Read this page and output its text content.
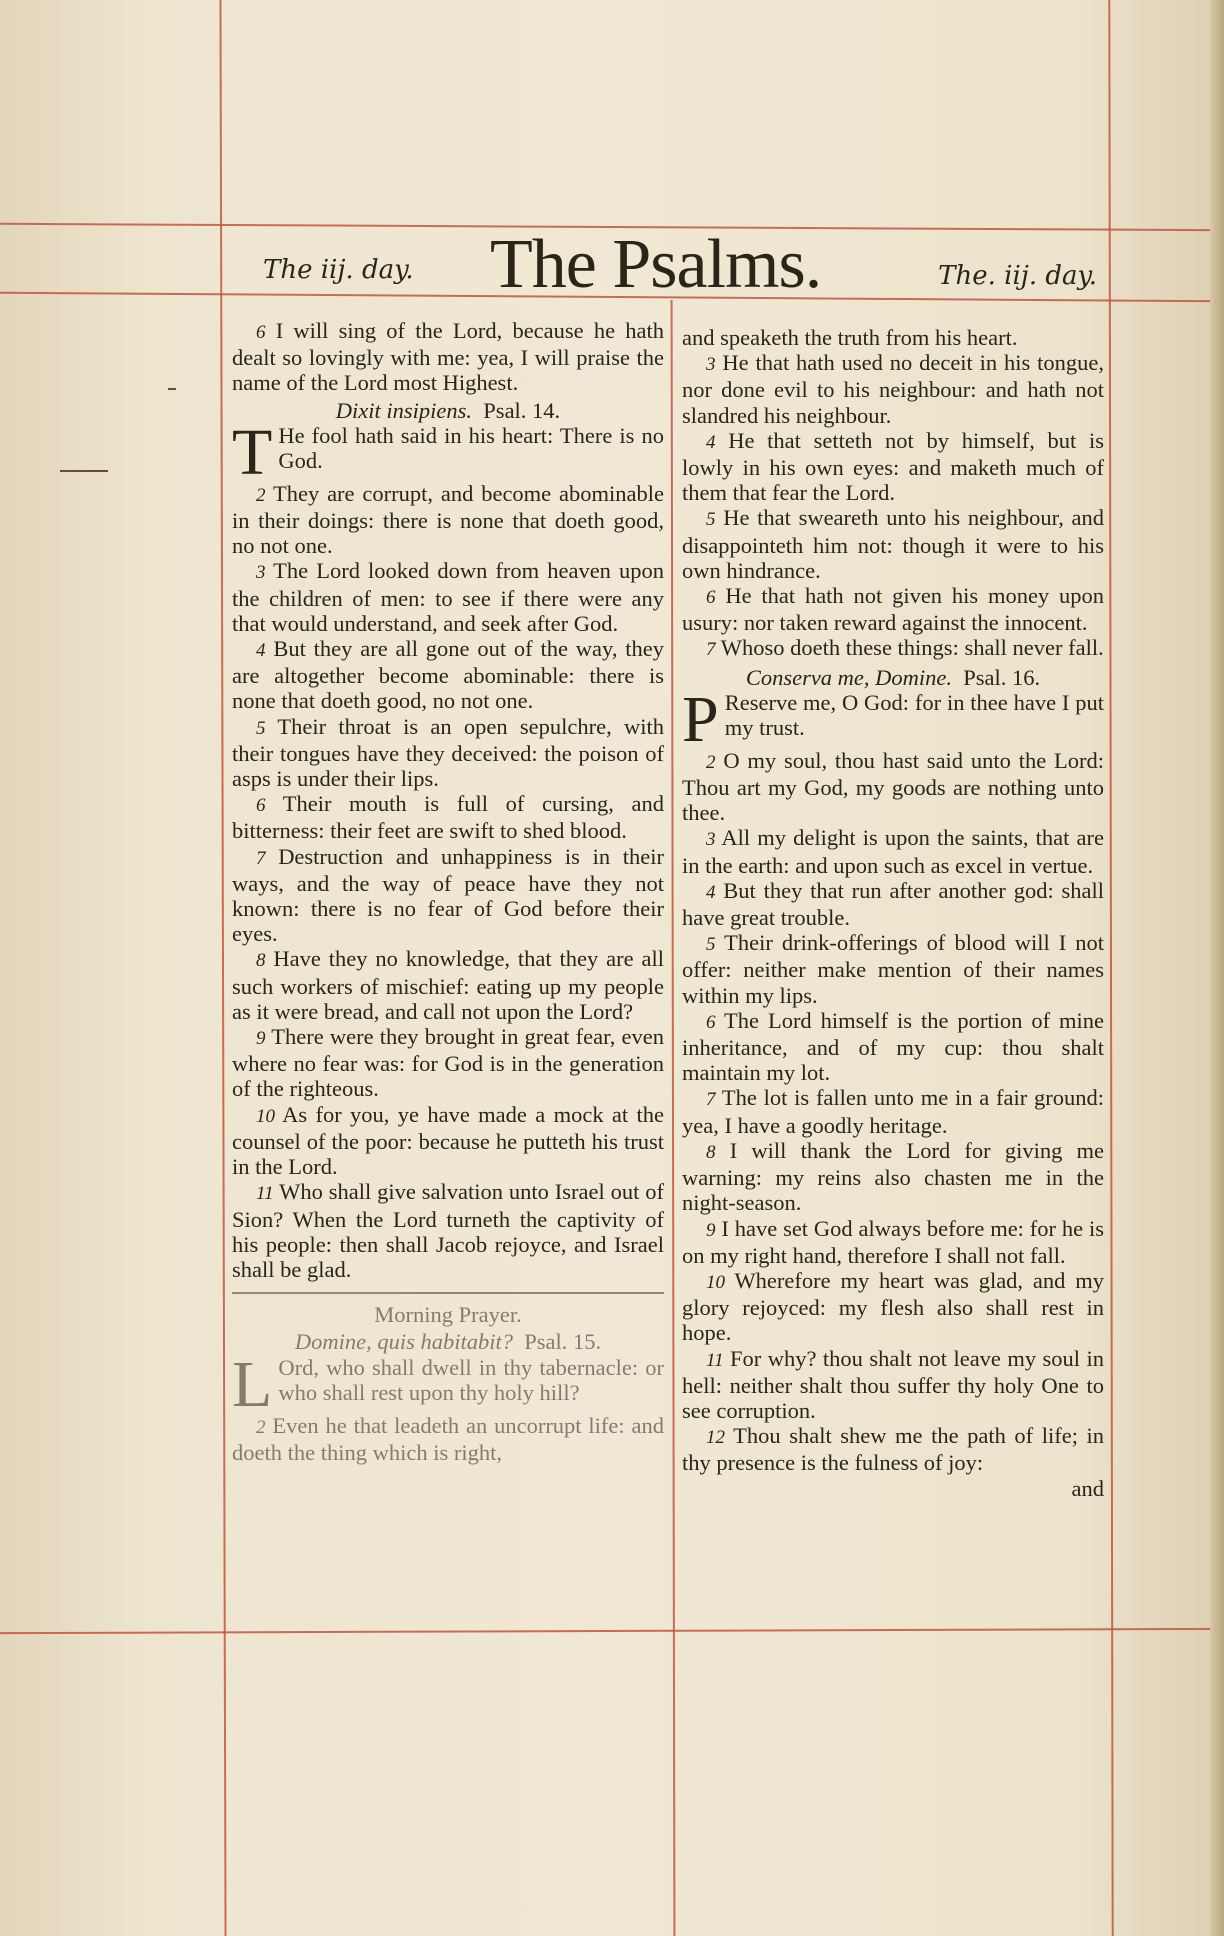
The iij. day. The Psalms.	The. iij. day.

6 I will sing of the Lord, because he hath dealt so lovingly with me: yea, I will praise the name of the Lord most Highest.

Dixit insipiens. Psal. 14.

T He fool hath said in his heart: There is no God.

2 They are corrupt, and become abominable in their doings: there is none that doeth good, no not one.

3 The Lord looked down from heaven upon the children of men: to see if there were any that would understand, and seek after God.

4 But they are all gone out of the way, they are altogether become abominable: there is none that doeth good, no not one.

5 Their throat is an open sepulchre, with their tongues have they deceived: the poison of asps is under their lips.

6 Their mouth is full of cursing, and bitterness: their feet are swift to shed blood.

7 Destruction and unhappiness is in their ways, and the way of peace have they not known: there is no fear of God before their eyes.

8 Have they no knowledge, that they are all such workers of mischief: eating up my people as it were bread, and call not upon the Lord?

9 There were they brought in great fear, even where no fear was: for God is in the generation of the righteous.

10 As for you, ye have made a mock at the counsel of the poor: because he putteth his trust in the Lord.

11 Who shall give salvation unto Israel out of Sion? When the Lord turneth the captivity of his people: then shall Jacob rejoyce, and Israel shall be glad.

Morning Prayer.

Domine, quis habitabit? Psal. 15.

L Ord, who shall dwell in thy tabernacle: or who shall rest upon thy holy hill?

2 Even he that leadeth an uncorrupt life: and doeth the thing which is right,

and speaketh the truth from his heart.

3 He that hath used no deceit in his tongue, nor done evil to his neighbour: and hath not slandred his neighbour.

4 He that setteth not by himself, but is lowly in his own eyes: and maketh much of them that fear the Lord.

5 He that sweareth unto his neighbour, and disappointeth him not: though it were to his own hindrance.

6 He that hath not given his money upon usury: nor taken reward against the innocent.

7 Whoso doeth these things: shall never fall.

Conserva me, Domine. Psal. 16.

P Reserve me, O God: for in thee have I put my trust.

2 O my soul, thou hast said unto the Lord: Thou art my God, my goods are nothing unto thee.

3 All my delight is upon the saints, that are in the earth: and upon such as excel in vertue.

4 But they that run after another god: shall have great trouble.

5 Their drink-offerings of blood will I not offer: neither make mention of their names within my lips.

6 The Lord himself is the portion of mine inheritance, and of my cup: thou shalt maintain my lot.

7 The lot is fallen unto me in a fair ground: yea, I have a goodly heritage.

8 I will thank the Lord for giving me warning: my reins also chasten me in the night-season.

9 I have set God always before me: for he is on my right hand, therefore I shall not fall.

10 Wherefore my heart was glad, and my glory rejoyced: my flesh also shall rest in hope.

11 For why? thou shalt not leave my soul in hell: neither shalt thou suffer thy holy One to see corruption.

12 Thou shalt shew me the path of life; in thy presence is the fulness of joy:

and
